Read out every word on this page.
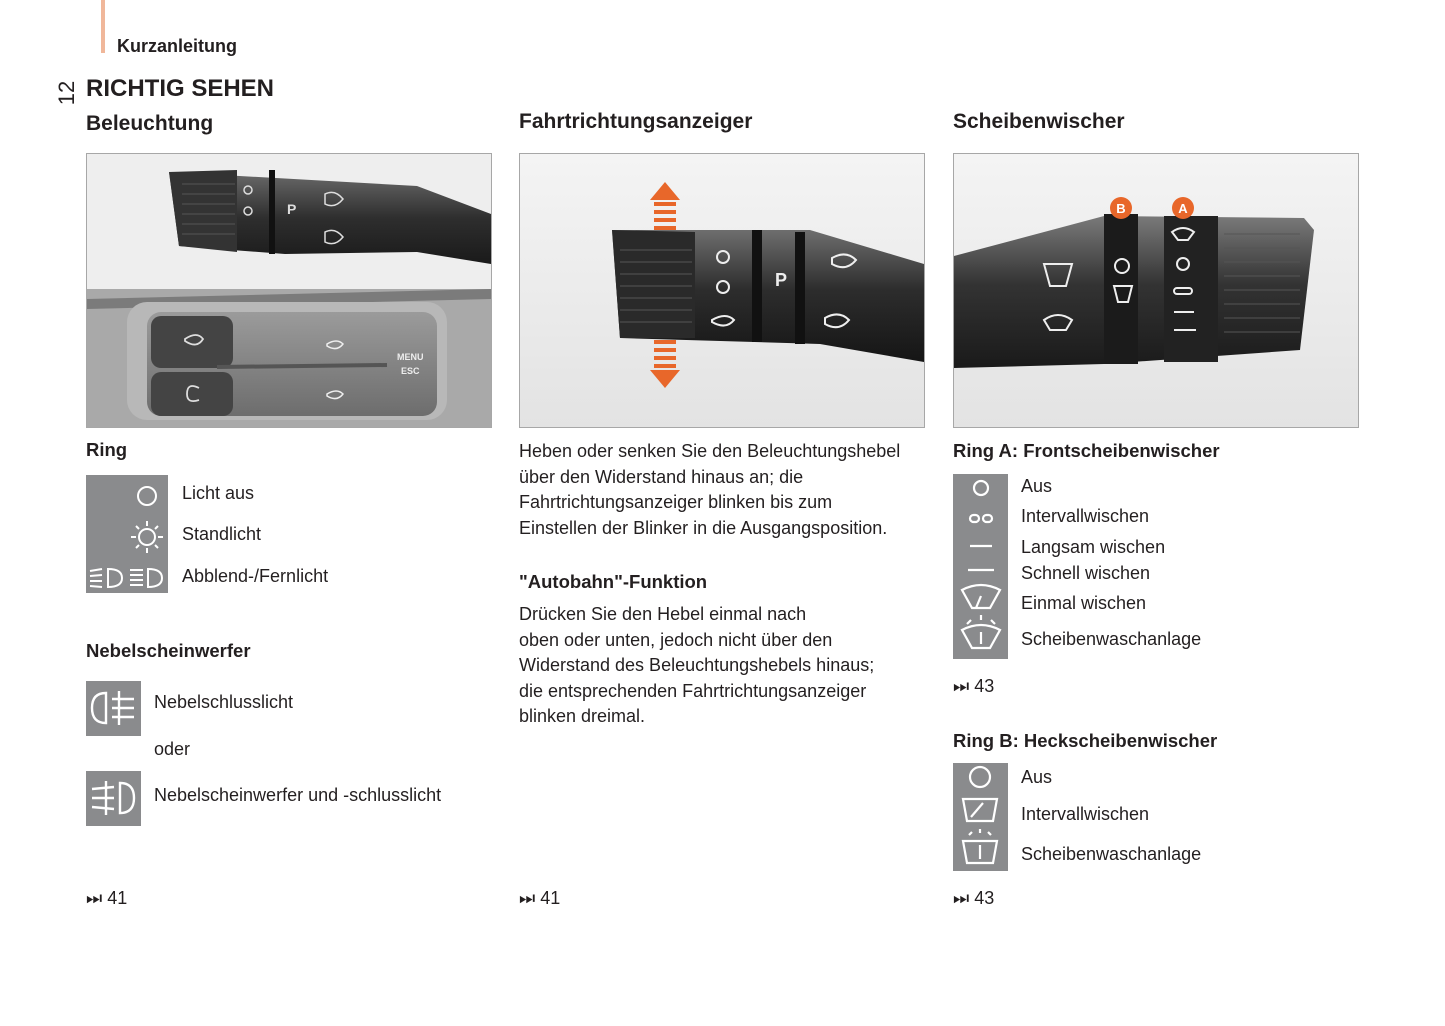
Kurzanleitung
12 RICHTIG SEHEN
Beleuchtung	Fahrtrichtungsanzeiger	Scheibenwischer
P
MENU
ESC
P
B	A
Ring
Licht aus
Standlicht
Abblend-/Fernlicht
Nebelscheinwerfer
Nebelschlusslicht
oder
Nebelscheinwerfer und -schlusslicht
⏭ 41
Heben oder senken Sie den Beleuchtungshebel
über den Widerstand hinaus an; die
Fahrtrichtungsanzeiger blinken bis zum
Einstellen der Blinker in die Ausgangsposition.
"Autobahn"-Funktion
Drücken Sie den Hebel einmal nach
oben oder unten, jedoch nicht über den
Widerstand des Beleuchtungshebels hinaus;
die entsprechenden Fahrtrichtungsanzeiger
blinken dreimal.
⏭ 41
Ring A: Frontscheibenwischer
Aus
Intervallwischen
Langsam wischen
Schnell wischen
Einmal wischen
Scheibenwaschanlage
⏭ 43
Ring B: Heckscheibenwischer
Aus
Intervallwischen
Scheibenwaschanlage
⏭ 43
